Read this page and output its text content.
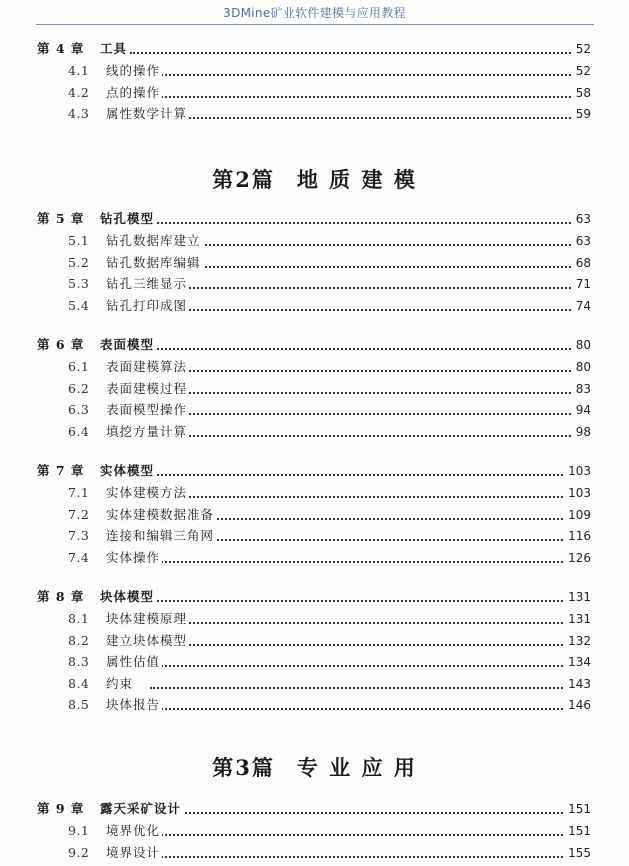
3DMine矿业软件建模与应用教程
第 4 章 工具	52
4.1 线的操作	52
4.2 点的操作	58
4.3 属性数学计算	59
第2篇 地 质 建 模
第 5 章 钻孔模型	63
5.1 钻孔数据库建立	63
5.2 钻孔数据库编辑	68
5.3 钻孔三维显示	71
5.4 钻孔打印成图	74
第 6 章 表面模型	80
6.1 表面建模算法	80
6.2 表面建模过程	83
6.3 表面模型操作	94
6.4 填挖方量计算	98
第 7 章 实体模型	103
7.1 实体建模方法	103
7.2 实体建模数据准备	109
7.3 连接和编辑三角网	116
7.4 实体操作	126
第 8 章 块体模型	131
8.1 块体建模原理	131
8.2 建立块体模型	132
8.3 属性估值	134
8.4 约束	143
8.5 块体报告	146
第3篇 专 业 应 用
第 9 章 露天采矿设计	151
9.1 境界优化	151
9.2 境界设计	155
